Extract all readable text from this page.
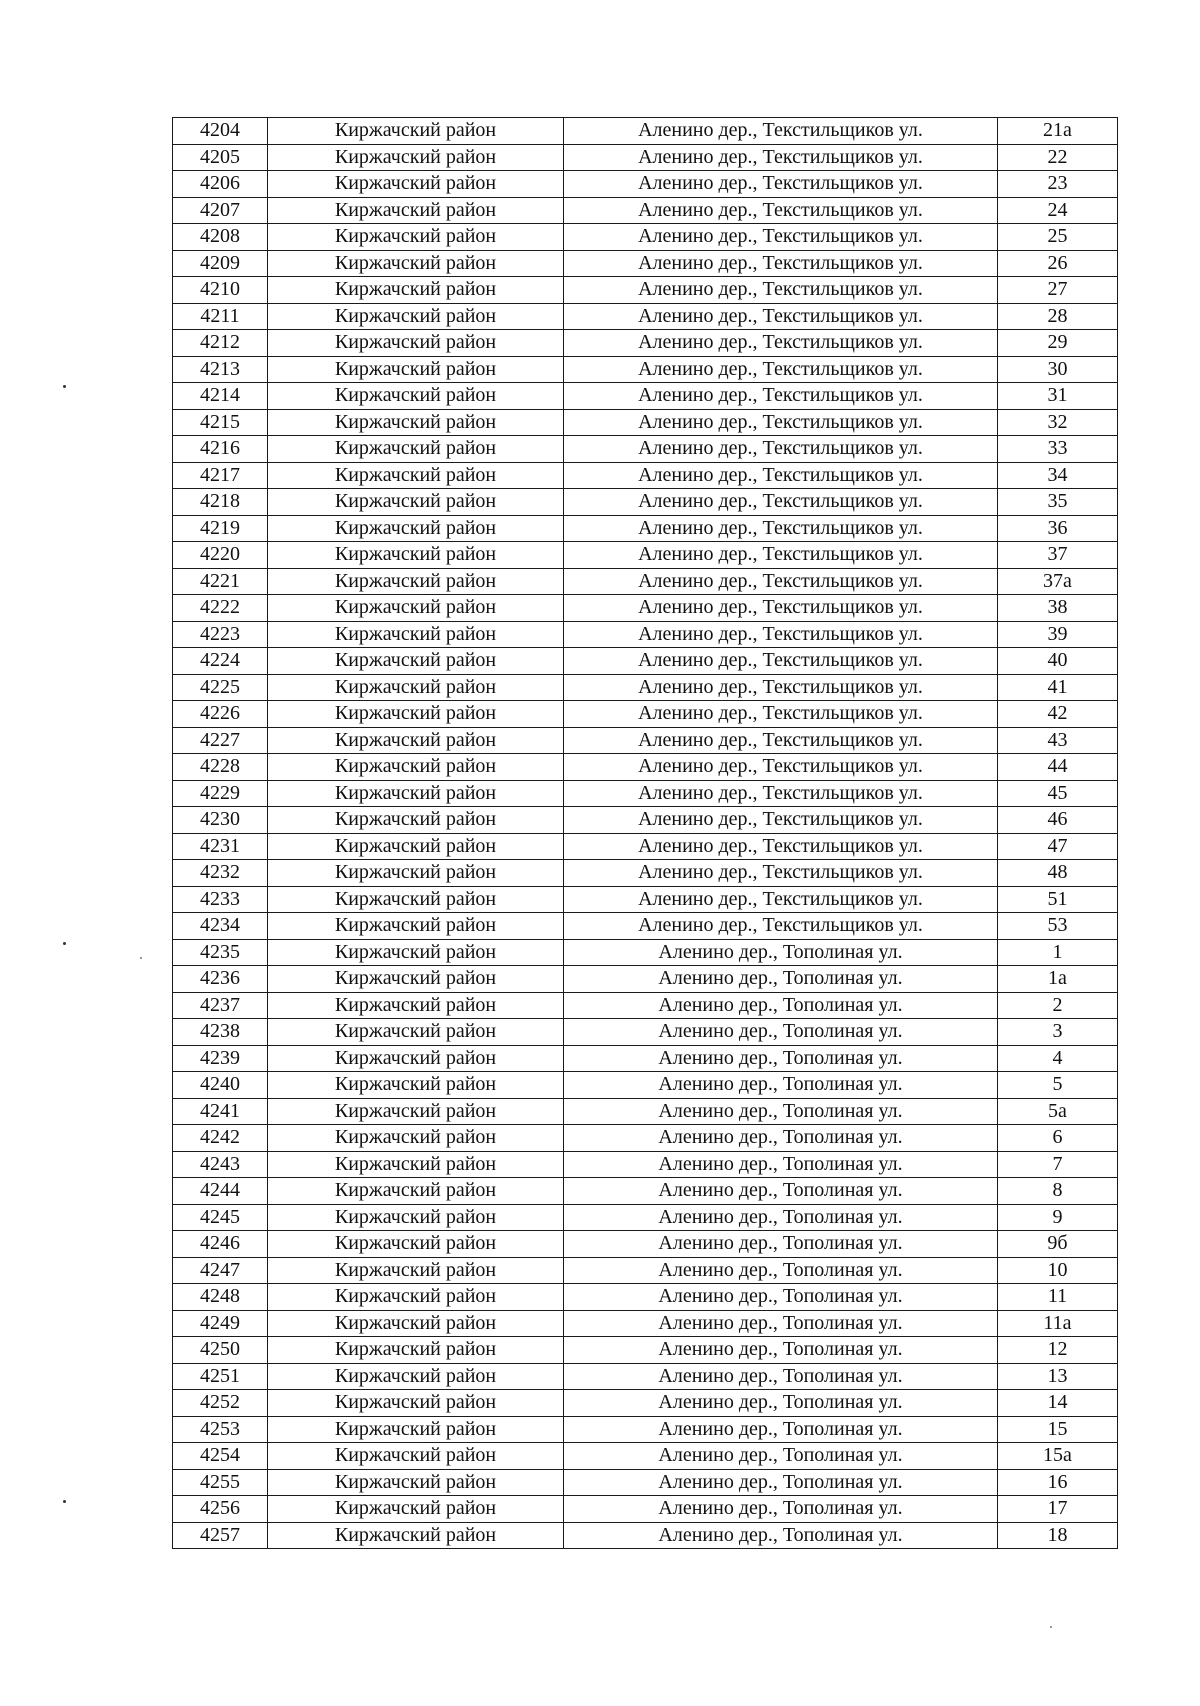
4204	Киржачский район	Аленино дер., Текстильщиков ул.	21а
4205	Киржачский район	Аленино дер., Текстильщиков ул.	22
4206	Киржачский район	Аленино дер., Текстильщиков ул.	23
4207	Киржачский район	Аленино дер., Текстильщиков ул.	24
4208	Киржачский район	Аленино дер., Текстильщиков ул.	25
4209	Киржачский район	Аленино дер., Текстильщиков ул.	26
4210	Киржачский район	Аленино дер., Текстильщиков ул.	27
4211	Киржачский район	Аленино дер., Текстильщиков ул.	28
4212	Киржачский район	Аленино дер., Текстильщиков ул.	29
4213	Киржачский район	Аленино дер., Текстильщиков ул.	30
4214	Киржачский район	Аленино дер., Текстильщиков ул.	31
4215	Киржачский район	Аленино дер., Текстильщиков ул.	32
4216	Киржачский район	Аленино дер., Текстильщиков ул.	33
4217	Киржачский район	Аленино дер., Текстильщиков ул.	34
4218	Киржачский район	Аленино дер., Текстильщиков ул.	35
4219	Киржачский район	Аленино дер., Текстильщиков ул.	36
4220	Киржачский район	Аленино дер., Текстильщиков ул.	37
4221	Киржачский район	Аленино дер., Текстильщиков ул.	37а
4222	Киржачский район	Аленино дер., Текстильщиков ул.	38
4223	Киржачский район	Аленино дер., Текстильщиков ул.	39
4224	Киржачский район	Аленино дер., Текстильщиков ул.	40
4225	Киржачский район	Аленино дер., Текстильщиков ул.	41
4226	Киржачский район	Аленино дер., Текстильщиков ул.	42
4227	Киржачский район	Аленино дер., Текстильщиков ул.	43
4228	Киржачский район	Аленино дер., Текстильщиков ул.	44
4229	Киржачский район	Аленино дер., Текстильщиков ул.	45
4230	Киржачский район	Аленино дер., Текстильщиков ул.	46
4231	Киржачский район	Аленино дер., Текстильщиков ул.	47
4232	Киржачский район	Аленино дер., Текстильщиков ул.	48
4233	Киржачский район	Аленино дер., Текстильщиков ул.	51
4234	Киржачский район	Аленино дер., Текстильщиков ул.	53
4235	Киржачский район	Аленино дер., Тополиная ул.	1
4236	Киржачский район	Аленино дер., Тополиная ул.	1а
4237	Киржачский район	Аленино дер., Тополиная ул.	2
4238	Киржачский район	Аленино дер., Тополиная ул.	3
4239	Киржачский район	Аленино дер., Тополиная ул.	4
4240	Киржачский район	Аленино дер., Тополиная ул.	5
4241	Киржачский район	Аленино дер., Тополиная ул.	5а
4242	Киржачский район	Аленино дер., Тополиная ул.	6
4243	Киржачский район	Аленино дер., Тополиная ул.	7
4244	Киржачский район	Аленино дер., Тополиная ул.	8
4245	Киржачский район	Аленино дер., Тополиная ул.	9
4246	Киржачский район	Аленино дер., Тополиная ул.	9б
4247	Киржачский район	Аленино дер., Тополиная ул.	10
4248	Киржачский район	Аленино дер., Тополиная ул.	11
4249	Киржачский район	Аленино дер., Тополиная ул.	11а
4250	Киржачский район	Аленино дер., Тополиная ул.	12
4251	Киржачский район	Аленино дер., Тополиная ул.	13
4252	Киржачский район	Аленино дер., Тополиная ул.	14
4253	Киржачский район	Аленино дер., Тополиная ул.	15
4254	Киржачский район	Аленино дер., Тополиная ул.	15а
4255	Киржачский район	Аленино дер., Тополиная ул.	16
4256	Киржачский район	Аленино дер., Тополиная ул.	17
4257	Киржачский район	Аленино дер., Тополиная ул.	18
